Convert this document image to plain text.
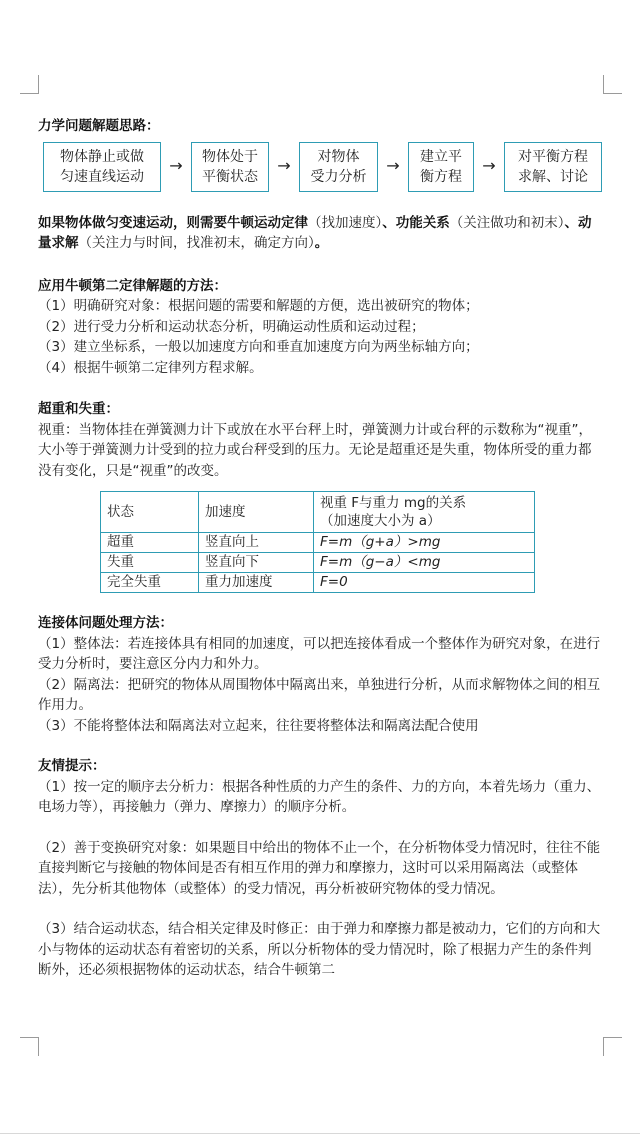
力学问题解题思路：
物体静止或做
匀速直线运动
→	物体处于
平衡状态
→	对物体
受力分析
→	建立平
衡方程
→	对平衡方程
求解、讨论

如果物体做匀变速运动，则需要牛顿运动定律（找加速度）、功能关系（关注做功和初末）、动量求解（关注力与时间，找准初末，确定方向）。

应用牛顿第二定律解题的方法：

（1）明确研究对象：根据问题的需要和解题的方便，选出被研究的物体；

（2）进行受力分析和运动状态分析，明确运动性质和运动过程；

（3）建立坐标系，一般以加速度方向和垂直加速度方向为两坐标轴方向；

（4）根据牛顿第二定律列方程求解。

超重和失重：

视重：当物体挂在弹簧测力计下或放在水平台秤上时，弹簧测力计或台秤的示数称为“视重”，大小等于弹簧测力计受到的拉力或台秤受到的压力。无论是超重还是失重，物体所受的重力都没有变化，只是“视重”的改变。

状态	加速度	视重 F与重力 mg的关系
（加速度大小为 a）
超重	竖直向上	F=m（g+a）>mg
失重	竖直向下	F=m（g−a）<mg
完全失重	重力加速度	F=0
连接体问题处理方法：

（1）整体法：若连接体具有相同的加速度，可以把连接体看成一个整体作为研究对象，在进行受力分析时，要注意区分内力和外力。

（2）隔离法：把研究的物体从周围物体中隔离出来，单独进行分析，从而求解物体之间的相互作用力。

（3）不能将整体法和隔离法对立起来，往往要将整体法和隔离法配合使用

友情提示：

（1）按一定的顺序去分析力：根据各种性质的力产生的条件、力的方向，本着先场力（重力、电场力等），再接触力（弹力、摩擦力）的顺序分析。

（2）善于变换研究对象：如果题目中给出的物体不止一个，在分析物体受力情况时，往往不能直接判断它与接触的物体间是否有相互作用的弹力和摩擦力，这时可以采用隔离法（或整体法），先分析其他物体（或整体）的受力情况，再分析被研究物体的受力情况。

（3）结合运动状态，结合相关定律及时修正：由于弹力和摩擦力都是被动力，它们的方向和大小与物体的运动状态有着密切的关系，所以分析物体的受力情况时，除了根据力产生的条件判断外，还必须根据物体的运动状态，结合牛顿第二
